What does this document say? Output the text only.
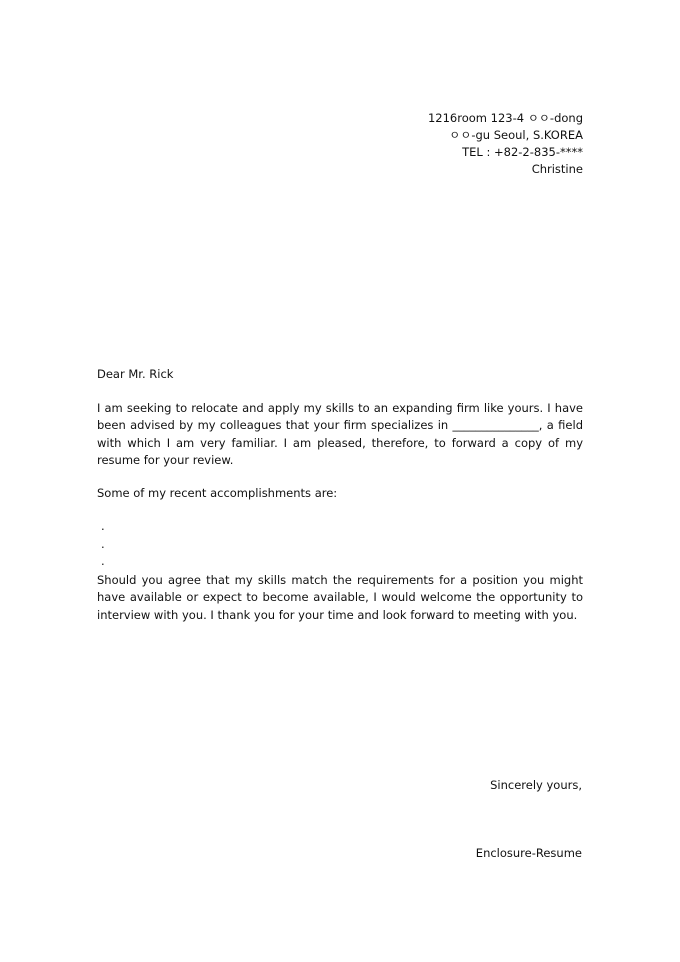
1216room 123-4 ㅇㅇ-dong
ㅇㅇ-gu Seoul, S.KOREA
TEL : +82-2-835-****
Christine
Dear Mr. Rick
I am seeking to relocate and apply my skills to an expanding firm like yours. I have been advised by my colleagues that your firm specializes in _______________, a field with which I am very familiar. I am pleased, therefore, to forward a copy of my resume for your review.
Some of my recent accomplishments are:
.
.
.
Should you agree that my skills match the requirements for a position you might have available or expect to become available, I would welcome the opportunity to interview with you. I thank you for your time and look forward to meeting with you.
Sincerely yours,
Enclosure-Resume
